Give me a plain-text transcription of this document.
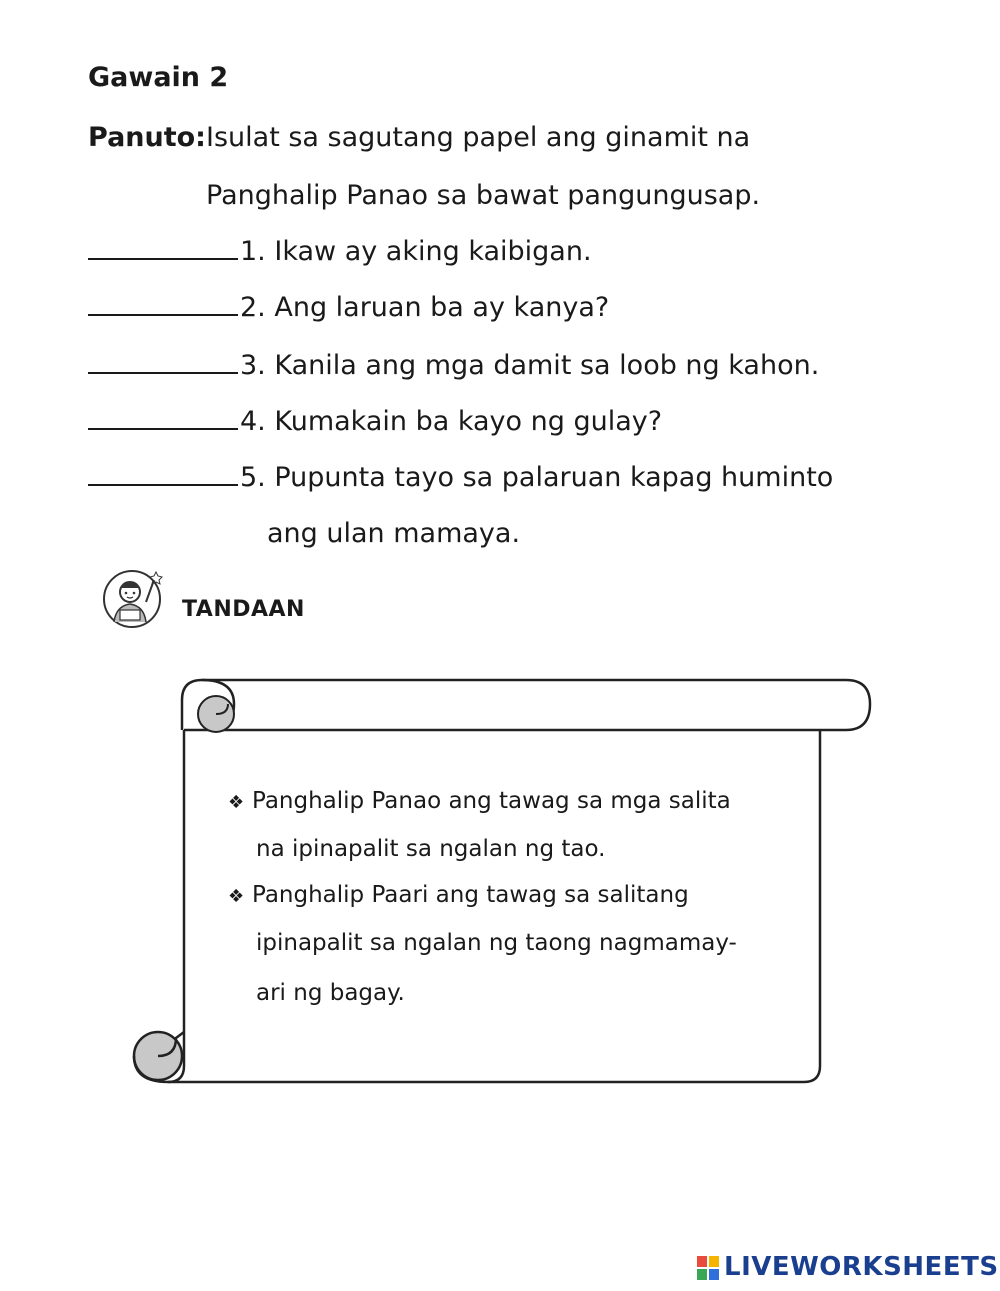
Gawain 2
Panuto: Isulat sa sagutang papel ang ginamit na
Panghalip Panao sa bawat pangungusap.
1. Ikaw ay aking kaibigan.
2. Ang laruan ba ay kanya?
3. Kanila ang mga damit sa loob ng kahon.
4. Kumakain ba kayo ng gulay?
5. Pupunta tayo sa palaruan kapag huminto
ang ulan mamaya.
TANDAAN
❖ Panghalip Panao ang tawag sa mga salita
na ipinapalit sa ngalan ng tao.
❖ Panghalip Paari ang tawag sa salitang
ipinapalit sa ngalan ng taong nagmamay-
ari ng bagay.
LIVEWORKSHEETS
